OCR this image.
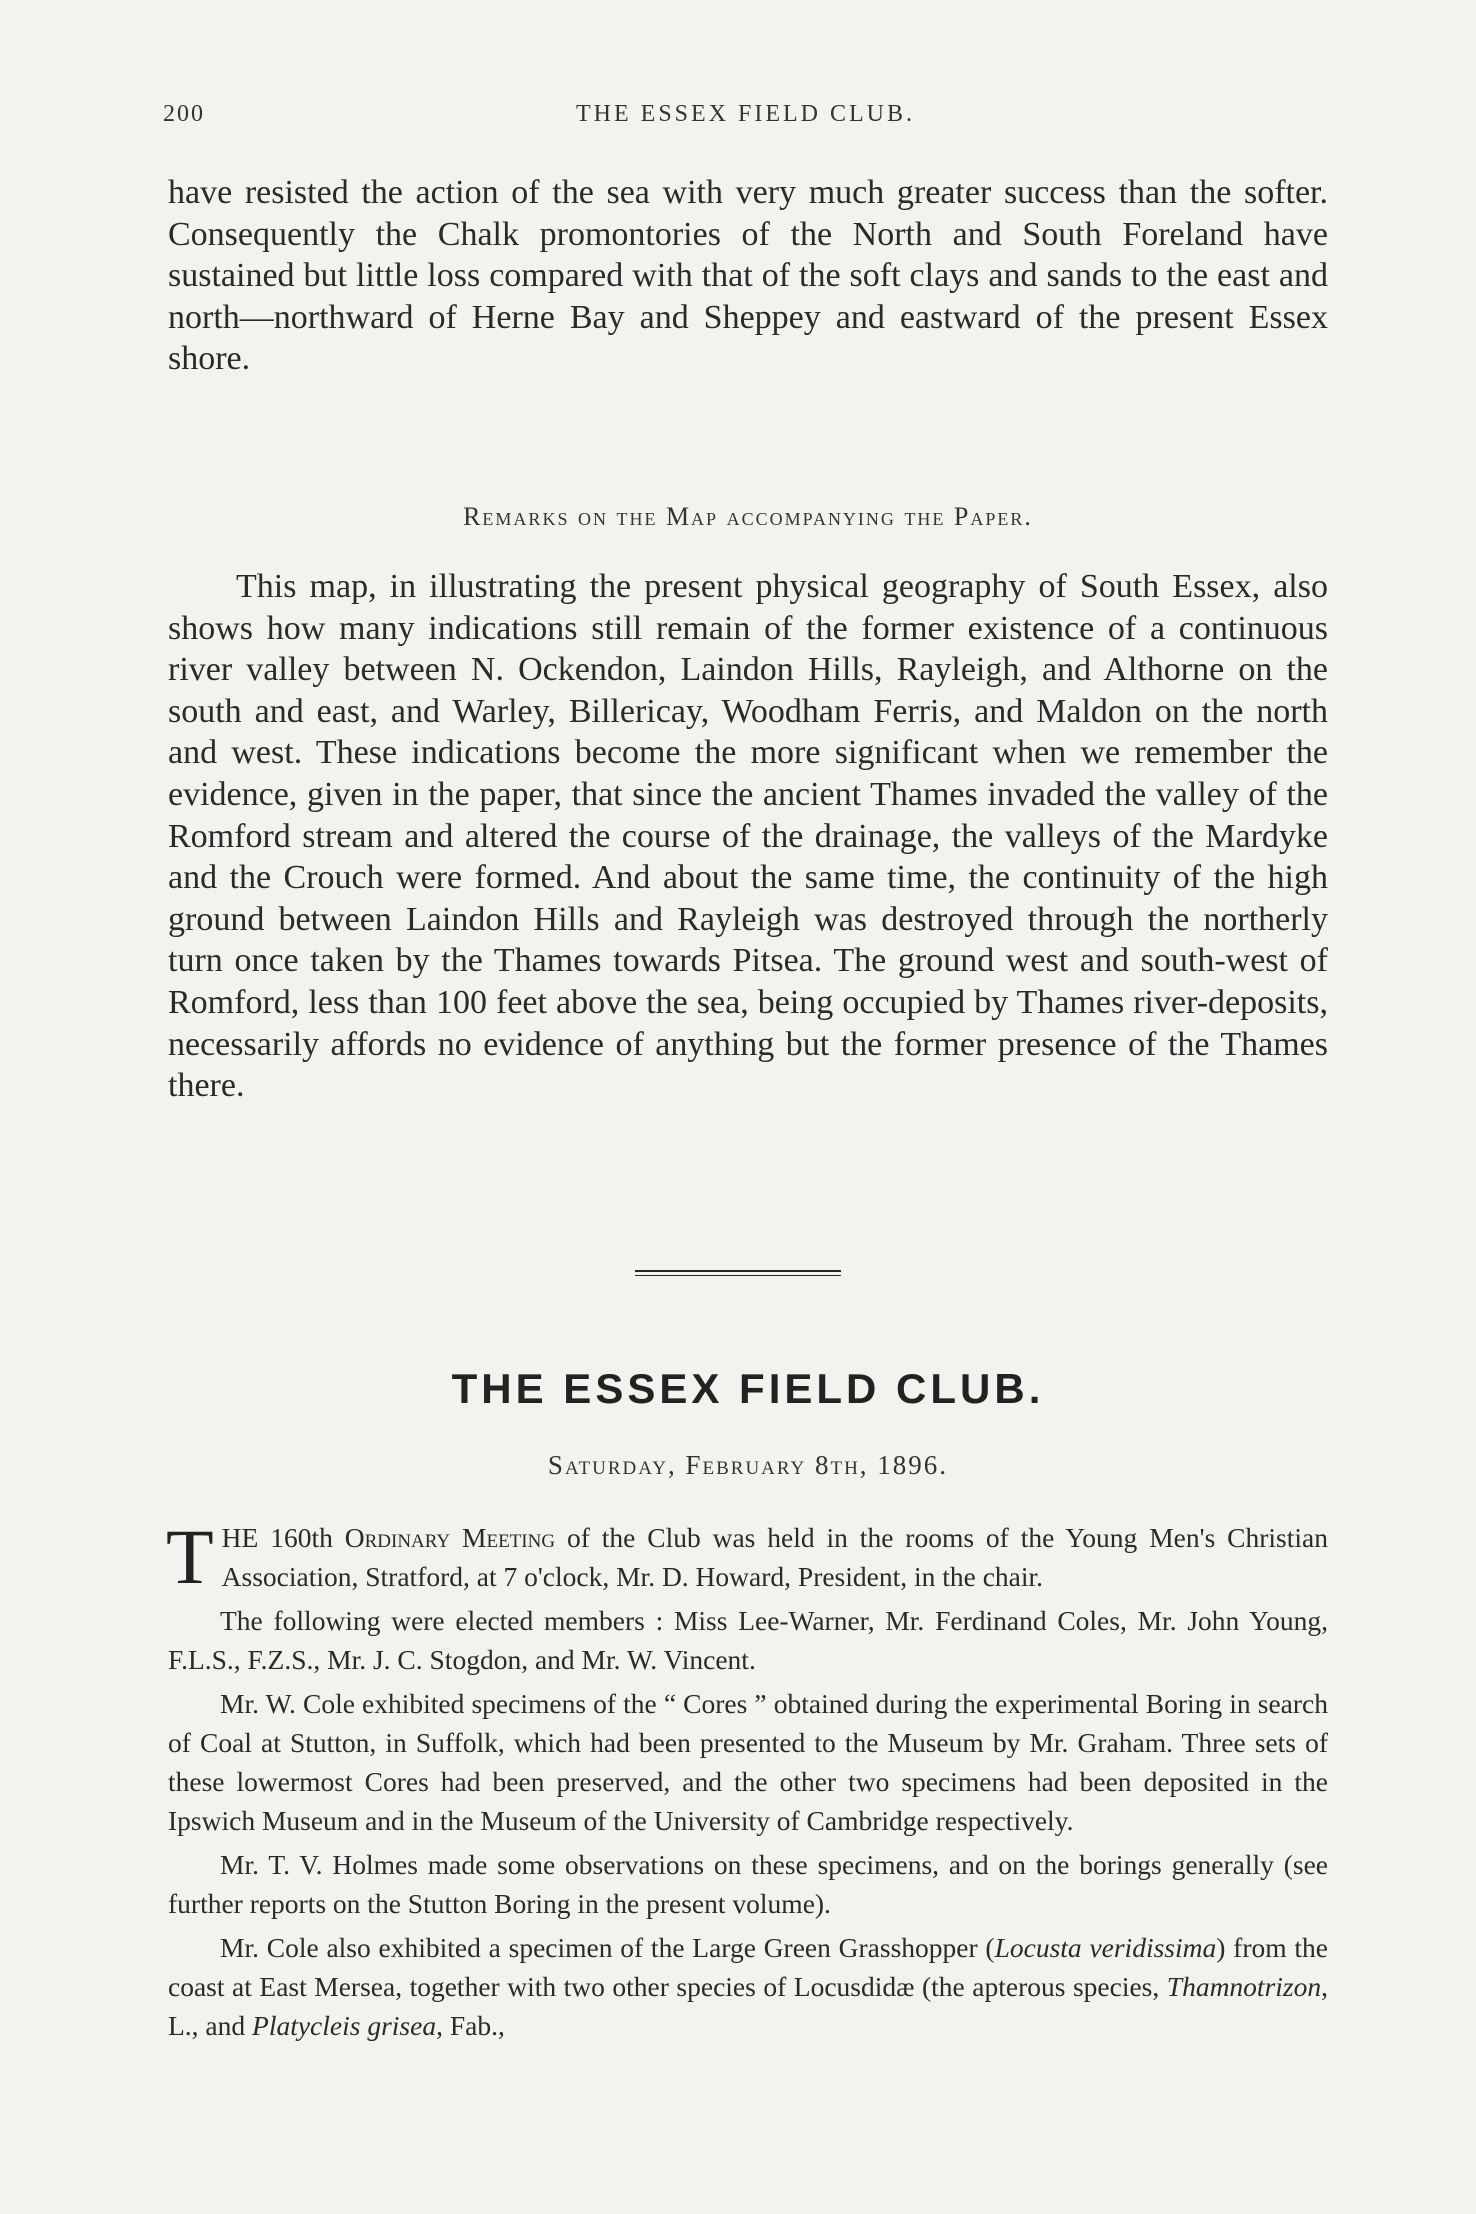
200	THE ESSEX FIELD CLUB.

have resisted the action of the sea with very much greater success than the softer. Consequently the Chalk promontories of the North and South Foreland have sustained but little loss compared with that of the soft clays and sands to the east and north—northward of Herne Bay and Sheppey and eastward of the present Essex shore.

Remarks on the Map accompanying the Paper.

This map, in illustrating the present physical geography of South Essex, also shows how many indications still remain of the former existence of a continuous river valley between N. Ockendon, Laindon Hills, Rayleigh, and Althorne on the south and east, and Warley, Billericay, Woodham Ferris, and Maldon on the north and west. These indications become the more significant when we remember the evidence, given in the paper, that since the ancient Thames invaded the valley of the Romford stream and altered the course of the drainage, the valleys of the Mardyke and the Crouch were formed. And about the same time, the continuity of the high ground between Laindon Hills and Rayleigh was destroyed through the northerly turn once taken by the Thames towards Pitsea. The ground west and south-west of Romford, less than 100 feet above the sea, being occupied by Thames river-deposits, necessarily affords no evidence of anything but the former presence of the Thames there.

THE ESSEX FIELD CLUB.
Saturday, February 8th, 1896.

THE 160th Ordinary Meeting of the Club was held in the rooms of the Young Men's Christian Association, Stratford, at 7 o'clock, Mr. D. Howard, President, in the chair.

The following were elected members : Miss Lee-Warner, Mr. Ferdinand Coles, Mr. John Young, F.L.S., F.Z.S., Mr. J. C. Stogdon, and Mr. W. Vincent.

Mr. W. Cole exhibited specimens of the “ Cores ” obtained during the experimental Boring in search of Coal at Stutton, in Suffolk, which had been presented to the Museum by Mr. Graham. Three sets of these lowermost Cores had been preserved, and the other two specimens had been deposited in the Ipswich Museum and in the Museum of the University of Cambridge respectively.

Mr. T. V. Holmes made some observations on these specimens, and on the borings generally (see further reports on the Stutton Boring in the present volume).

Mr. Cole also exhibited a specimen of the Large Green Grasshopper (Locusta veridissima) from the coast at East Mersea, together with two other species of Locusdidæ (the apterous species, Thamnotrizon, L., and Platycleis grisea, Fab.,
